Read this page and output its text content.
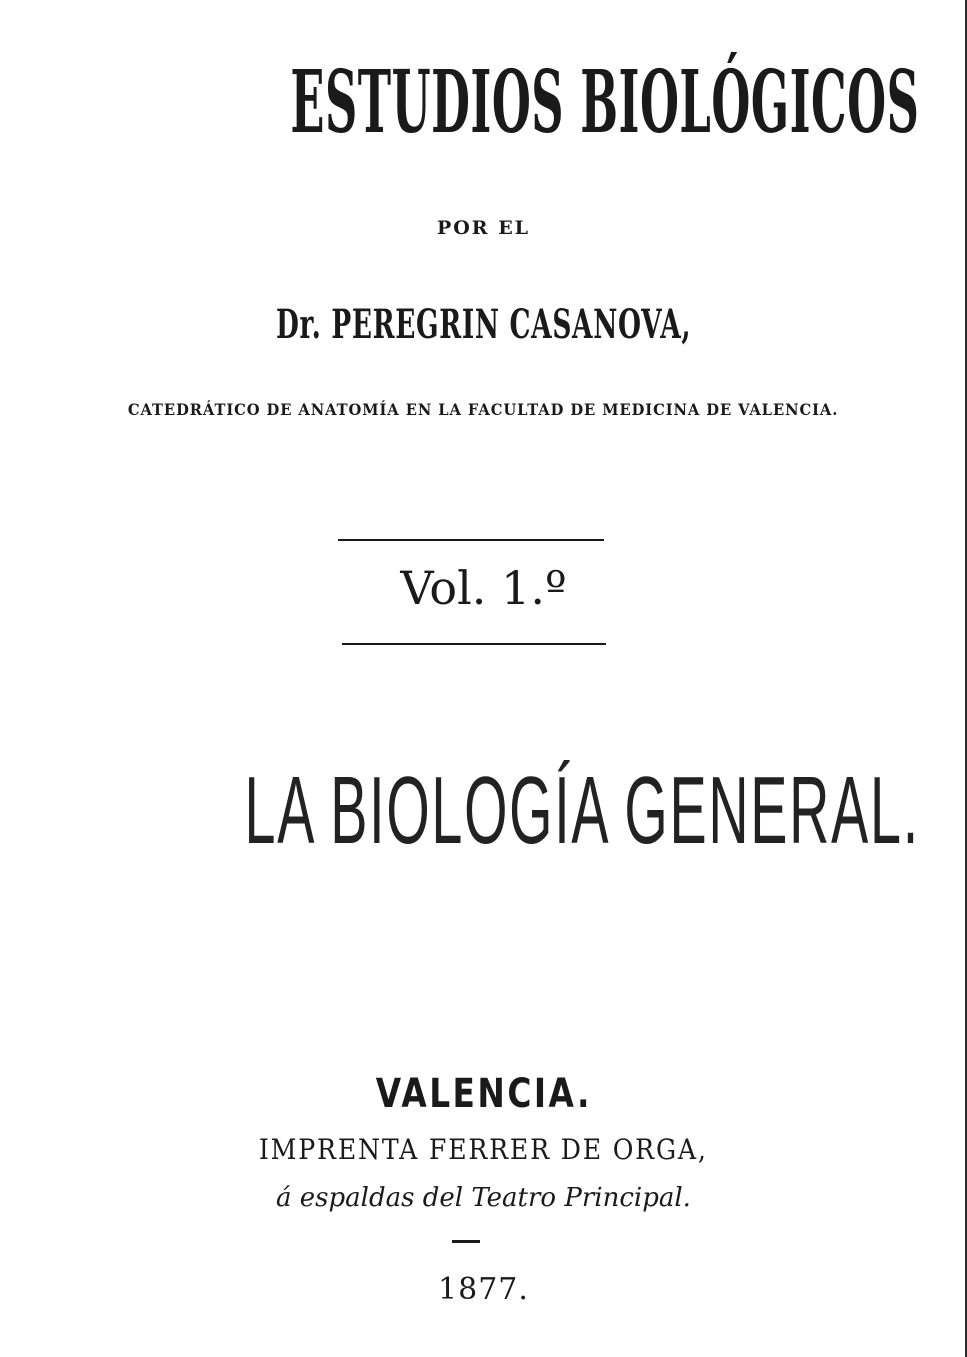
ESTUDIOS BIOLÓGICOS
POR EL
Dr. PEREGRIN CASANOVA,
CATEDRÁTICO DE ANATOMÍA EN LA FACULTAD DE MEDICINA DE VALENCIA.
Vol. 1.º
LA BIOLOGÍA GENERAL.
VALENCIA.
IMPRENTA FERRER DE ORGA,
á espaldas del Teatro Principal.
1877.
